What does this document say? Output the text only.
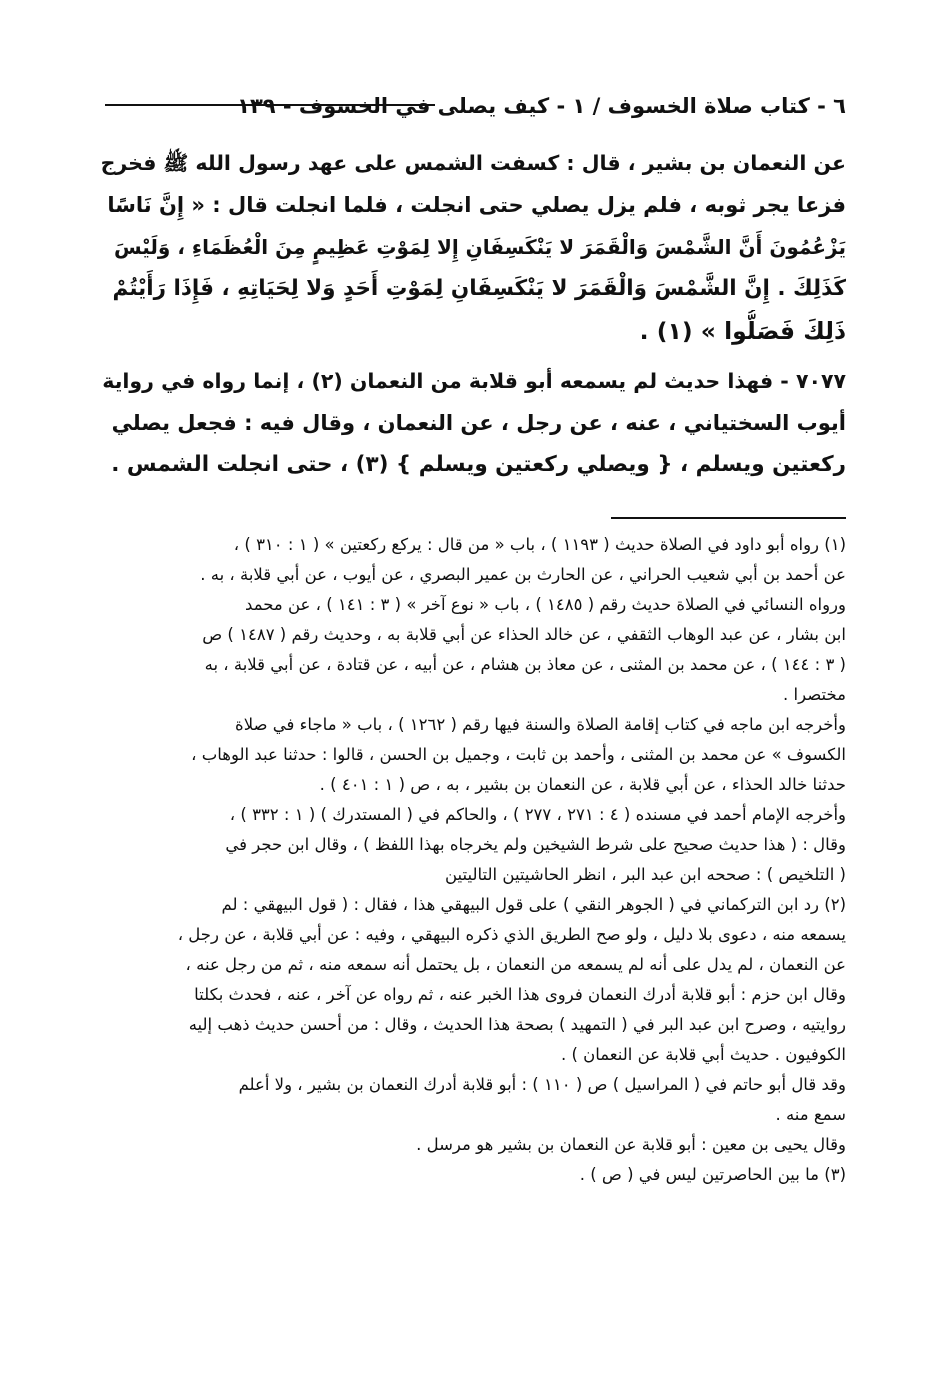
٦ - كتاب صلاة الخسوف / ١ - كيف يصلى في الخسوف - ١٣٩

عن النعمان بن بشير ، قال : كسفت الشمس على عهد رسول الله ﷺ فخرج
فزعا يجر ثوبه ، فلم يزل يصلي حتى انجلت ، فلما انجلت قال : « إِنَّ نَاسًا
يَزْعُمُونَ أَنَّ الشَّمْسَ وَالْقَمَرَ لا يَنْكَسِفَانِ إِلا لِمَوْتِ عَظِيمٍ مِنَ الْعُظَمَاءِ ، وَلَيْسَ
كَذَلِكَ . إِنَّ الشَّمْسَ وَالْقَمَرَ لا يَنْكَسِفَانِ لِمَوْتِ أَحَدٍ وَلا لِحَيَاتِهِ ، فَإِذَا رَأَيْتُمْ
ذَلِكَ فَصَلُّوا » (١) .

٧٠٧٧ - فهذا حديث لم يسمعه أبو قلابة من النعمان (٢) ، إنما رواه في رواية
أيوب السختياني ، عنه ، عن رجل ، عن النعمان ، وقال فيه : فجعل يصلي
ركعتين ويسلم ، { ويصلي ركعتين ويسلم } (٣) ، حتى انجلت الشمس .

(١) رواه أبو داود في الصلاة حديث ( ١١٩٣ ) ، باب « من قال : يركع ركعتين » ( ١ : ٣١٠ ) ،
عن أحمد بن أبي شعيب الحراني ، عن الحارث بن عمير البصري ، عن أيوب ، عن أبي قلابة ، به .
ورواه النسائي في الصلاة حديث رقم ( ١٤٨٥ ) ، باب « نوع آخر » ( ٣ : ١٤١ ) ، عن محمد
ابن بشار ، عن عبد الوهاب الثقفي ، عن خالد الحذاء عن أبي قلابة به ، وحديث رقم ( ١٤٨٧ ) ص
( ٣ : ١٤٤ ) ، عن محمد بن المثنى ، عن معاذ بن هشام ، عن أبيه ، عن قتادة ، عن أبي قلابة ، به
مختصرا .
وأخرجه ابن ماجه في كتاب إقامة الصلاة والسنة فيها رقم ( ١٢٦٢ ) ، باب « ماجاء في صلاة
الكسوف » عن محمد بن المثنى ، وأحمد بن ثابت ، وجميل بن الحسن ، قالوا : حدثنا عبد الوهاب ،
حدثنا خالد الحذاء ، عن أبي قلابة ، عن النعمان بن بشير ، به ، ص ( ١ : ٤٠١ ) .
وأخرجه الإمام أحمد في مسنده ( ٤ : ٢٧١ ، ٢٧٧ ) ، والحاكم في ( المستدرك ) ( ١ : ٣٣٢ ) ،
وقال : ( هذا حديث صحيح على شرط الشيخين ولم يخرجاه بهذا اللفظ ) ، وقال ابن حجر في
( التلخيص ) : صححه ابن عبد البر ، انظر الحاشيتين التاليتين
(٢) رد ابن التركماني في ( الجوهر النقي ) على قول البيهقي هذا ، فقال : ( قول البيهقي : لم
يسمعه منه ، دعوى بلا دليل ، ولو صح الطريق الذي ذكره البيهقي ، وفيه : عن أبي قلابة ، عن رجل ،
عن النعمان ، لم يدل على أنه لم يسمعه من النعمان ، بل يحتمل أنه سمعه منه ، ثم من رجل عنه ،
وقال ابن حزم : أبو قلابة أدرك النعمان فروى هذا الخبر عنه ، ثم رواه عن آخر ، عنه ، فحدث بكلتا
روايتيه ، وصرح ابن عبد البر في ( التمهيد ) بصحة هذا الحديث ، وقال : من أحسن حديث ذهب إليه
الكوفيون . حديث أبي قلابة عن النعمان ) .
وقد قال أبو حاتم في ( المراسيل ) ص ( ١١٠ ) : أبو قلابة أدرك النعمان بن بشير ، ولا أعلم
سمع منه .
وقال يحيى بن معين : أبو قلابة عن النعمان بن بشير هو مرسل .
(٣) ما بين الحاصرتين ليس في ( ص ) .
